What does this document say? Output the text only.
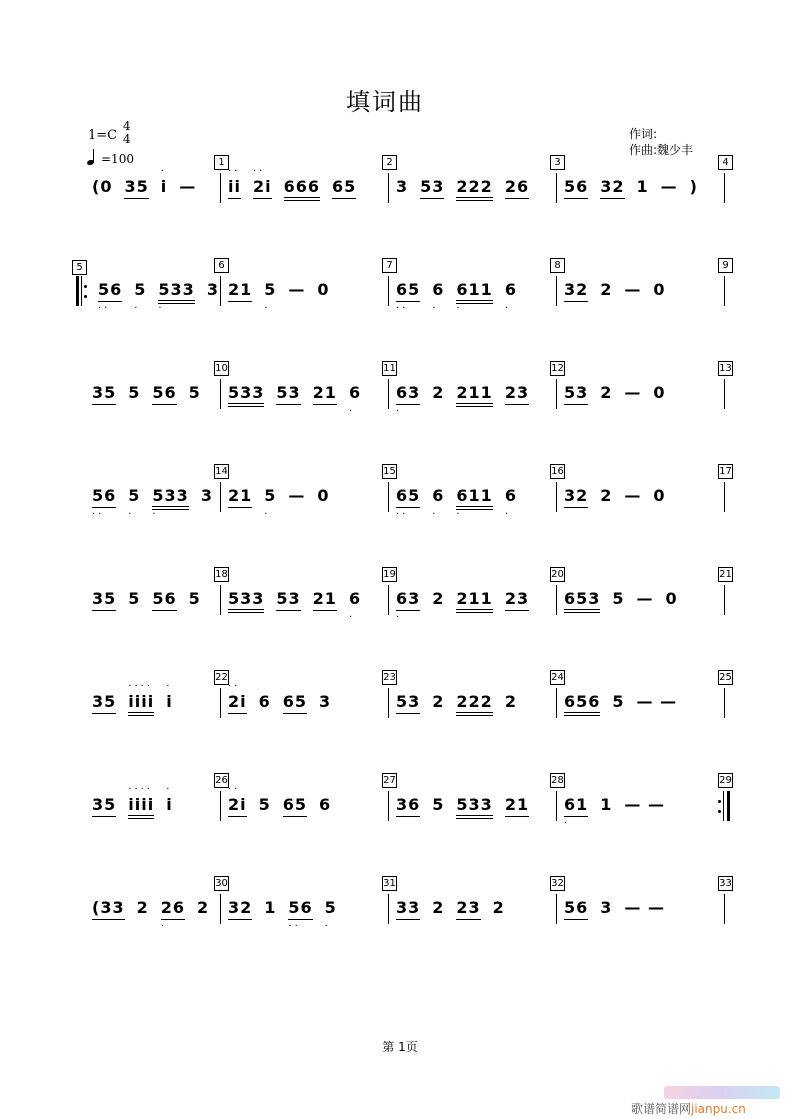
填词曲
1=C
4
4
=100
作词:
作曲:魏少丰
1	2	3	4
(0 35 i
·
— ii
··
2i
··
666 65 3 53 222 26 56 32 1 — )
5	6	7	8	9
56
··
5
·
533
·
3 21 5
·
— 0	65
··
6
·
611
·
6
·
32 2 — 0
10	11	12	13
35 5 56 5 533 53 21 6
·
63
·
2 211 23 53 2 — 0
14	15	16	17
56
··
5
·
533
·
3 21 5
·
— 0	65
··
6
·
611
·
6
·
32 2 — 0
18	19	20	21
35 5 56 5 533 53 21 6
·
63
·
2 211 23 653 5 — 0
22	23	24	25
35 iiii
····
i
·
2i
··
6 65 3	53 2 222 2	656 5 — —
26	27	28	29
35 iiii
····
i
·
2i
··
5 65 6	36 5 533 21 61
·
1 — —
30	31	32	33
(33 2 26
·
2 32 1 56
··
5
·
33 2 23 2	56 3 — —
第 1页
歌谱简谱网jianpu.cn
